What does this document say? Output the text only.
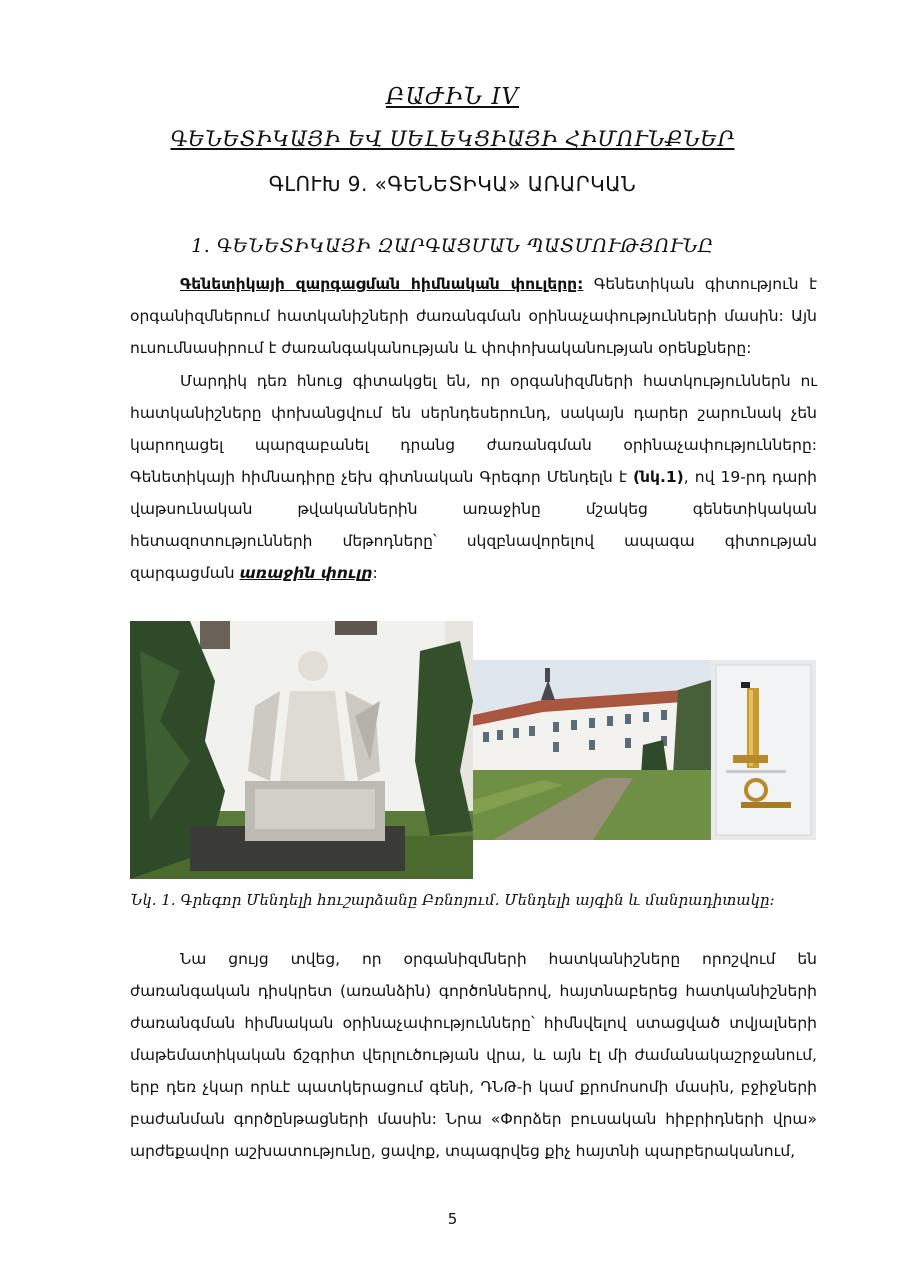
ԲԱԺԻՆ IV
ԳԵՆԵՏԻԿԱՅԻ ԵՎ ՍԵԼԵԿՑԻԱՅԻ ՀԻՄՈՒՆՔՆԵՐ
ԳԼՈՒԽ 9. «ԳԵՆԵՏԻԿԱ» ԱՌԱՐԿԱՆ
1. ԳԵՆԵՏԻԿԱՅԻ ԶԱՐԳԱՑՄԱՆ ՊԱՏՄՈՒԹՅՈՒՆԸ

Գենետիկայի զարգացման հիմնական փուլերը: Գենետիկան գիտություն է օրգանիզմներում հատկանիշների ժառանգման օրինաչափությունների մասին: Այն ուսումնասիրում է ժառանգականության և փոփոխականության օրենքները:

Մարդիկ դեռ հնուց գիտակցել են, որ օրգանիզմների հատկություններն ու հատկանիշները փոխանցվում են սերնդեսերունդ, սակայն դարեր շարունակ չեն կարողացել պարզաբանել դրանց ժառանգման օրինաչափությունները: Գենետիկայի հիմնադիրը չեխ գիտնական Գրեգոր Մենդելն է (նկ.1), ով 19-րդ դարի վաթսունական թվականներին առաջինը մշակեց գենետիկական հետազոտությունների մեթոդները՝ սկզբնավորելով ապագա գիտության զարգացման առաջին փուլը:

Նկ. 1. Գրեգոր Մենդելի հուշարձանը Բռնոյում. Մենդելի այգին և մանրադիտակը:

Նա ցույց տվեց, որ օրգանիզմների հատկանիշները որոշվում են ժառանգական դիսկրետ (առանձին) գործոններով, հայտնաբերեց հատկանիշների ժառանգման հիմնական օրինաչափությունները՝ հիմնվելով ստացված տվյալների մաթեմատիկական ճշգրիտ վերլուծության վրա, և այն էլ մի ժամանակաշրջանում, երբ դեռ չկար որևէ պատկերացում գենի, ԴՆԹ-ի կամ քրոմոսոմի մասին, բջիջների բաժանման գործընթացների մասին: Նրա «Փորձեր բուսական հիբրիդների վրա» արժեքավոր աշխատությունը, ցավոք, տպագրվեց քիչ հայտնի պարբերականում,

5
